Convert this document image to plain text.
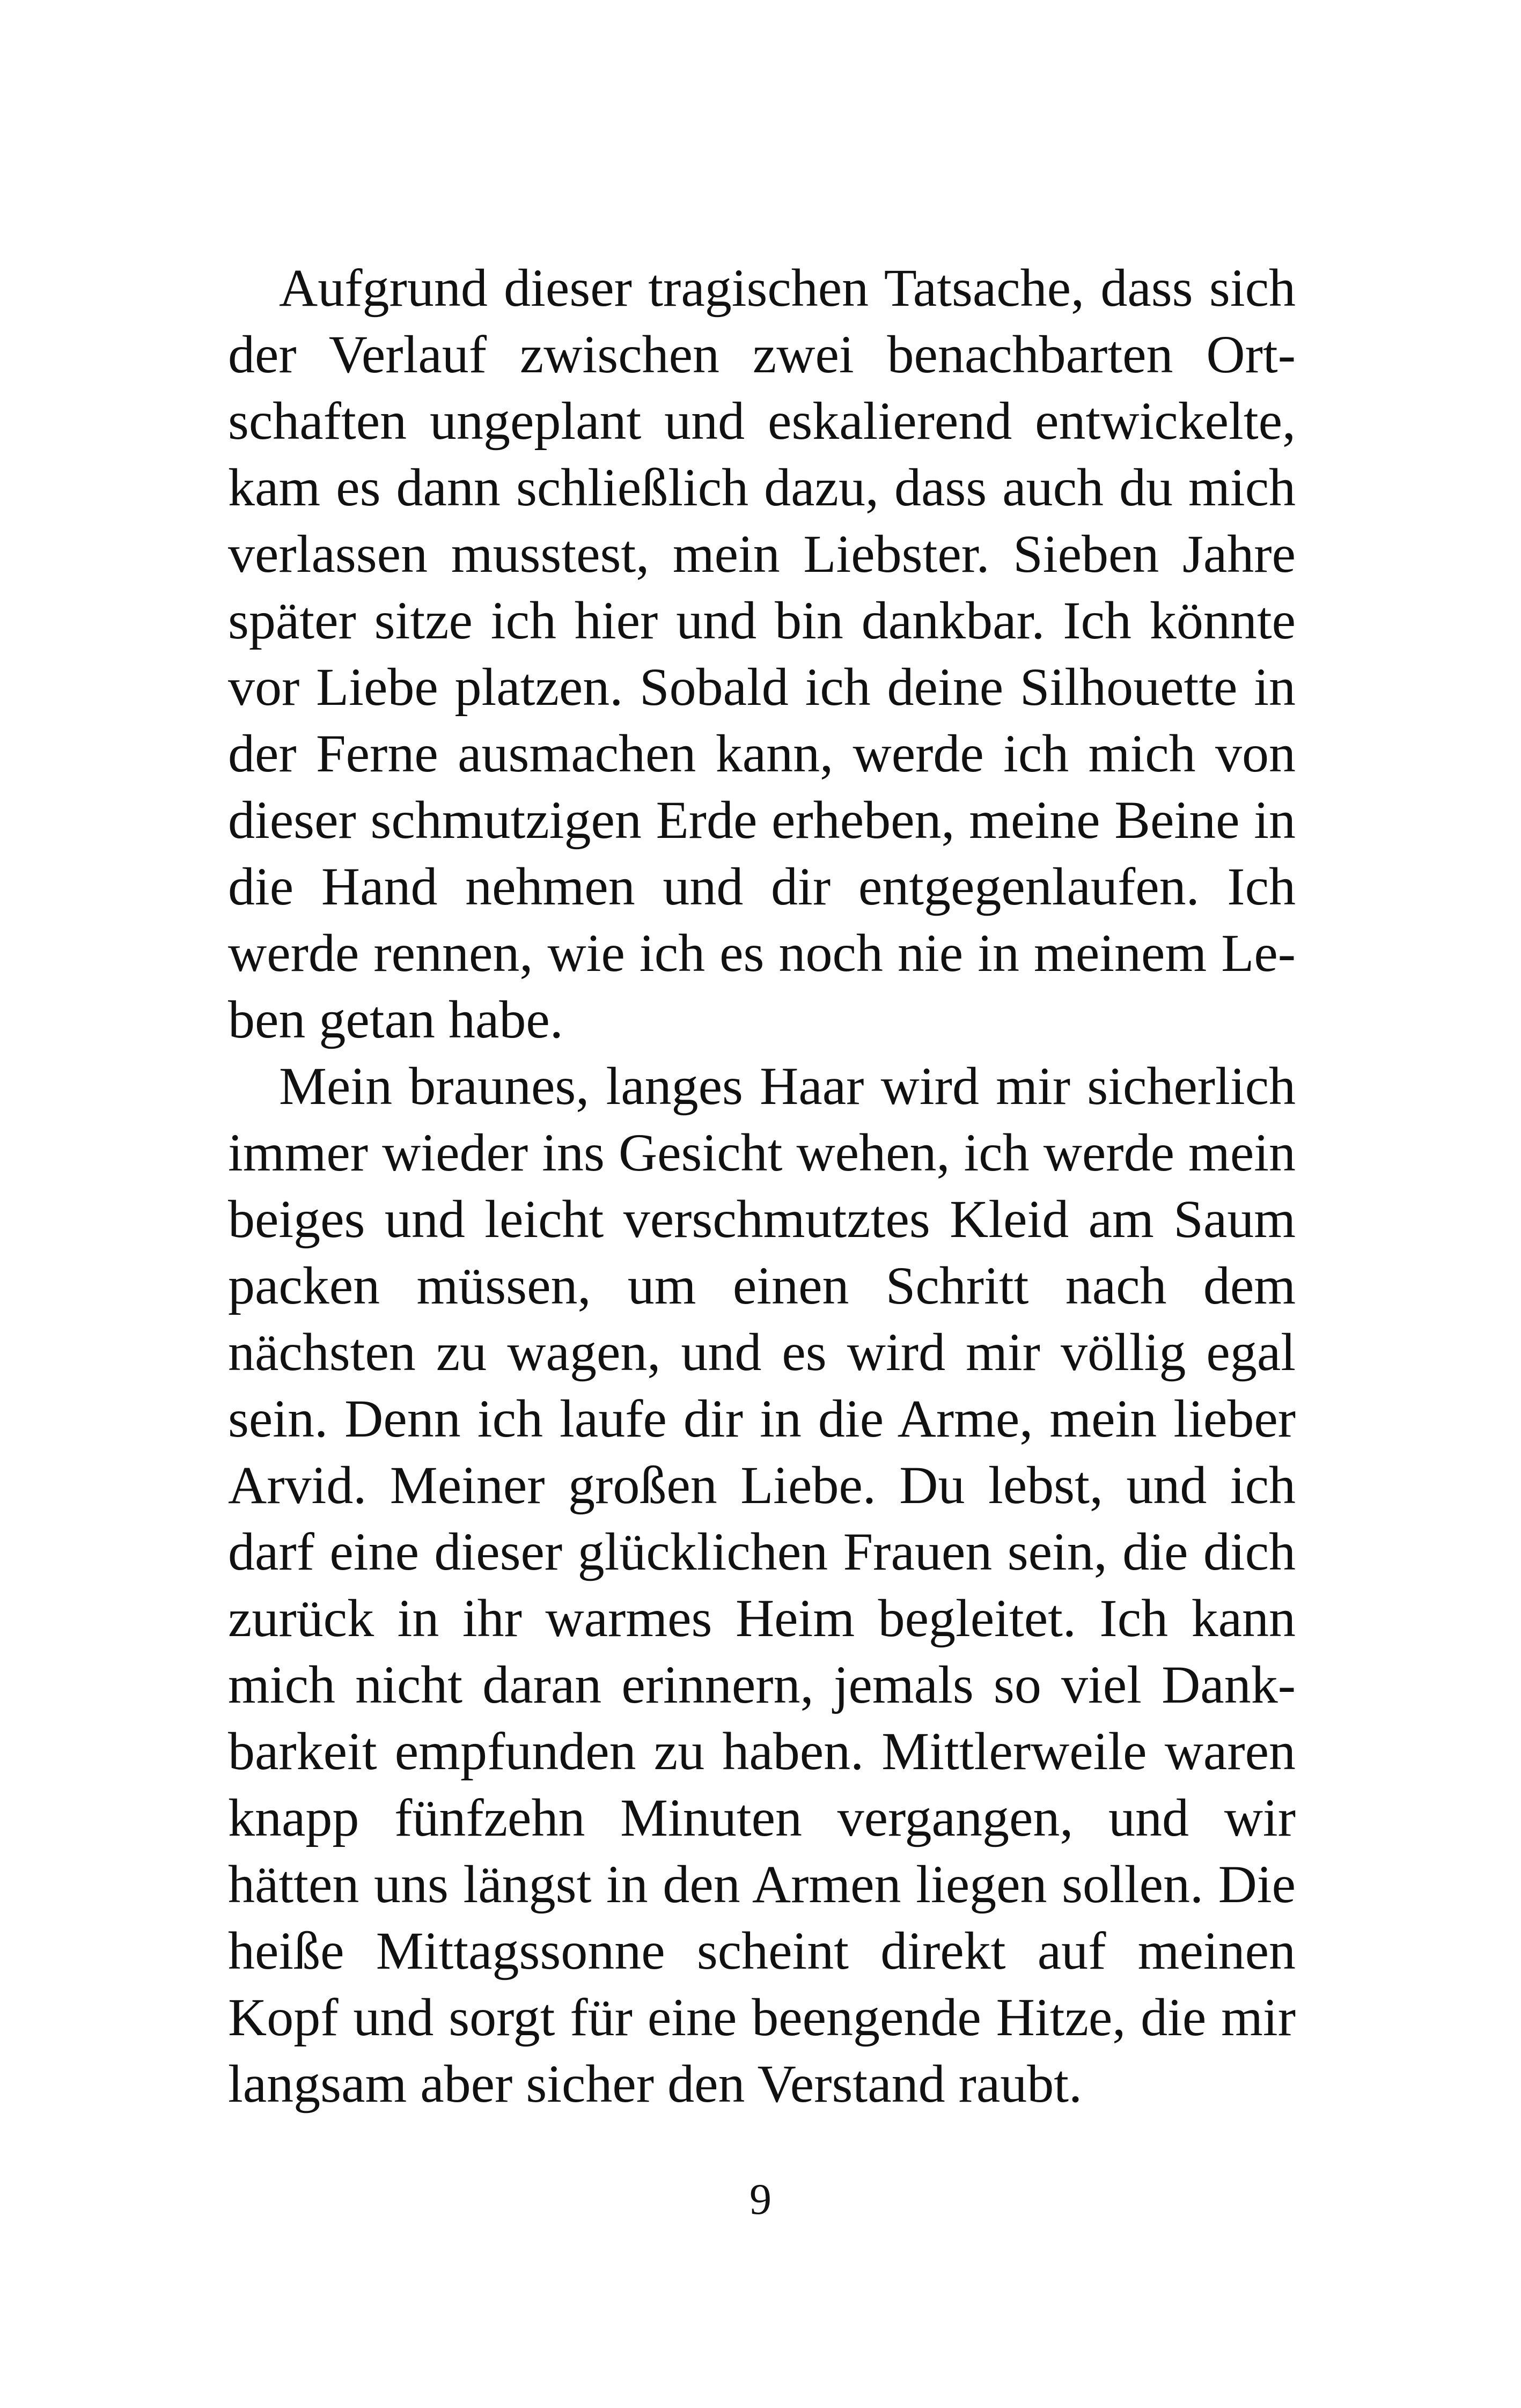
Aufgrund dieser tragischen Tatsache, dass sich
der Verlauf zwischen zwei benachbarten Ort-
schaften ungeplant und eskalierend entwickelte,
kam es dann schließlich dazu, dass auch du mich
verlassen musstest, mein Liebster. Sieben Jahre
später sitze ich hier und bin dankbar. Ich könnte
vor Liebe platzen. Sobald ich deine Silhouette in
der Ferne ausmachen kann, werde ich mich von
dieser schmutzigen Erde erheben, meine Beine in
die Hand nehmen und dir entgegenlaufen. Ich
werde rennen, wie ich es noch nie in meinem Le-
ben getan habe.
Mein braunes, langes Haar wird mir sicherlich
immer wieder ins Gesicht wehen, ich werde mein
beiges und leicht verschmutztes Kleid am Saum
packen müssen, um einen Schritt nach dem
nächsten zu wagen, und es wird mir völlig egal
sein. Denn ich laufe dir in die Arme, mein lieber
Arvid. Meiner großen Liebe. Du lebst, und ich
darf eine dieser glücklichen Frauen sein, die dich
zurück in ihr warmes Heim begleitet. Ich kann
mich nicht daran erinnern, jemals so viel Dank-
barkeit empfunden zu haben. Mittlerweile waren
knapp fünfzehn Minuten vergangen, und wir
hätten uns längst in den Armen liegen sollen. Die
heiße Mittagssonne scheint direkt auf meinen
Kopf und sorgt für eine beengende Hitze, die mir
langsam aber sicher den Verstand raubt.
9
